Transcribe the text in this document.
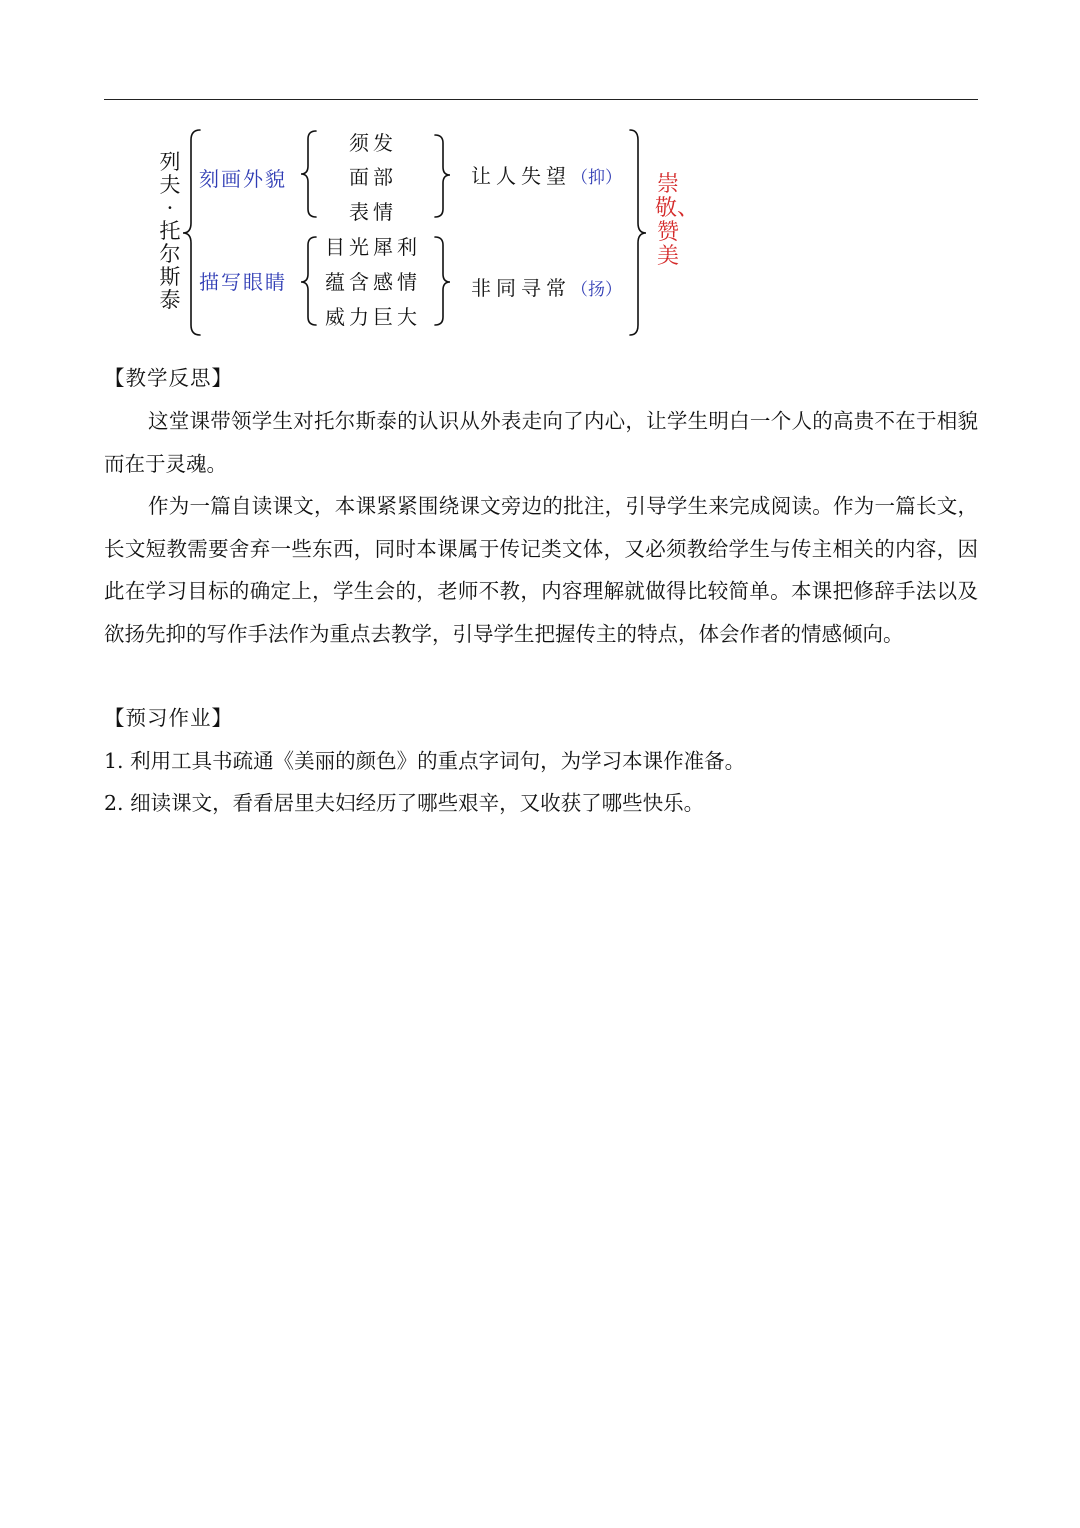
列夫·托尔斯泰
刻画外貌
描写眼睛
须发
面部
表情
目光犀利
蕴含感情
威力巨大
让人失望（抑）
非同寻常（扬）
崇敬、赞美
【教学反思】
这堂课带领学生对托尔斯泰的认识从外表走向了内心，让学生明白一个人的高贵不在于相貌而在于灵魂。
作为一篇自读课文，本课紧紧围绕课文旁边的批注，引导学生来完成阅读。作为一篇长文，长文短教需要舍弃一些东西，同时本课属于传记类文体，又必须教给学生与传主相关的内容，因此在学习目标的确定上，学生会的，老师不教，内容理解就做得比较简单。本课把修辞手法以及欲扬先抑的写作手法作为重点去教学，引导学生把握传主的特点，体会作者的情感倾向。
【预习作业】
1. 利用工具书疏通《美丽的颜色》的重点字词句，为学习本课作准备。
2. 细读课文，看看居里夫妇经历了哪些艰辛，又收获了哪些快乐。
